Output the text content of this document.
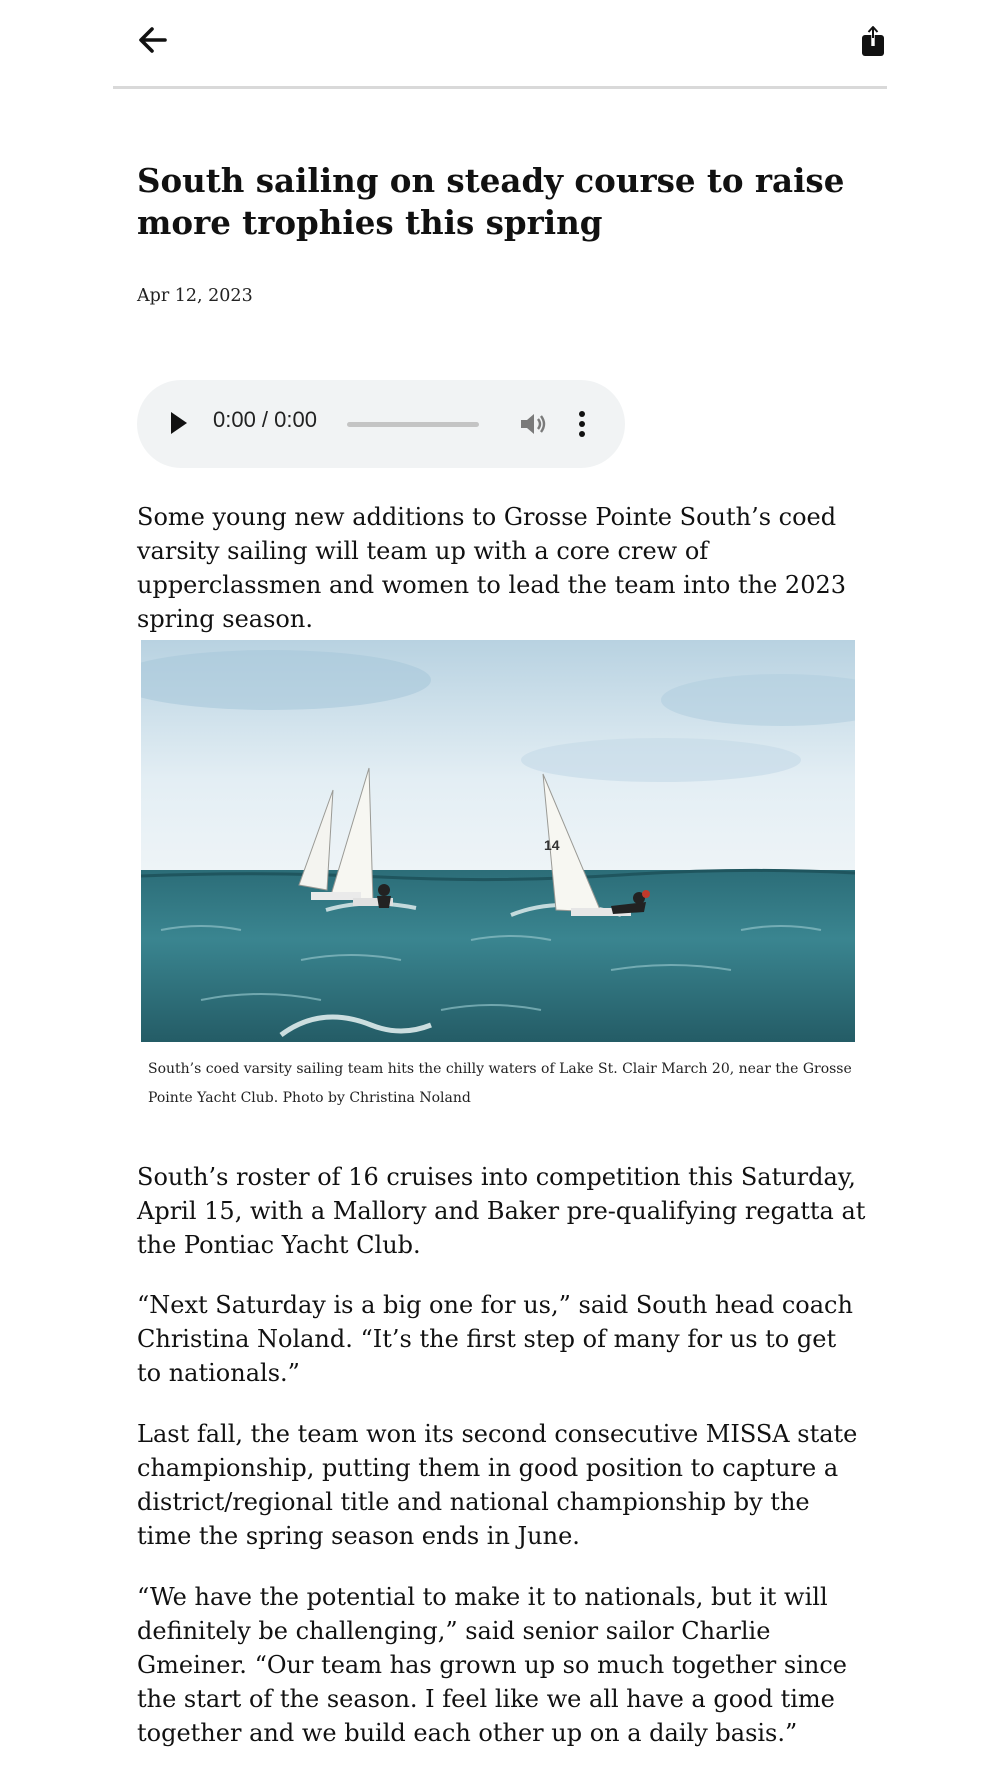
South sailing on steady course to raise more trophies this spring
Apr 12, 2023
0:00 / 0:00

Some young new additions to Grosse Pointe South’s coed varsity sailing will team up with a core crew of upperclassmen and women to lead the team into the 2023 spring season.

14
South’s coed varsity sailing team hits the chilly waters of Lake St. Clair March 20, near the Grosse Pointe Yacht Club. Photo by Christina Noland

South’s roster of 16 cruises into competition this Saturday, April 15, with a Mallory and Baker pre-qualifying regatta at the Pontiac Yacht Club.

“Next Saturday is a big one for us,” said South head coach Christina Noland. “It’s the first step of many for us to get to nationals.”

Last fall, the team won its second consecutive MISSA state championship, putting them in good position to capture a district/regional title and national championship by the time the spring season ends in June.

“We have the potential to make it to nationals, but it will definitely be challenging,” said senior sailor Charlie Gmeiner. “Our team has grown up so much together since the start of the season. I feel like we all have a good time together and we build each other up on a daily basis.”
